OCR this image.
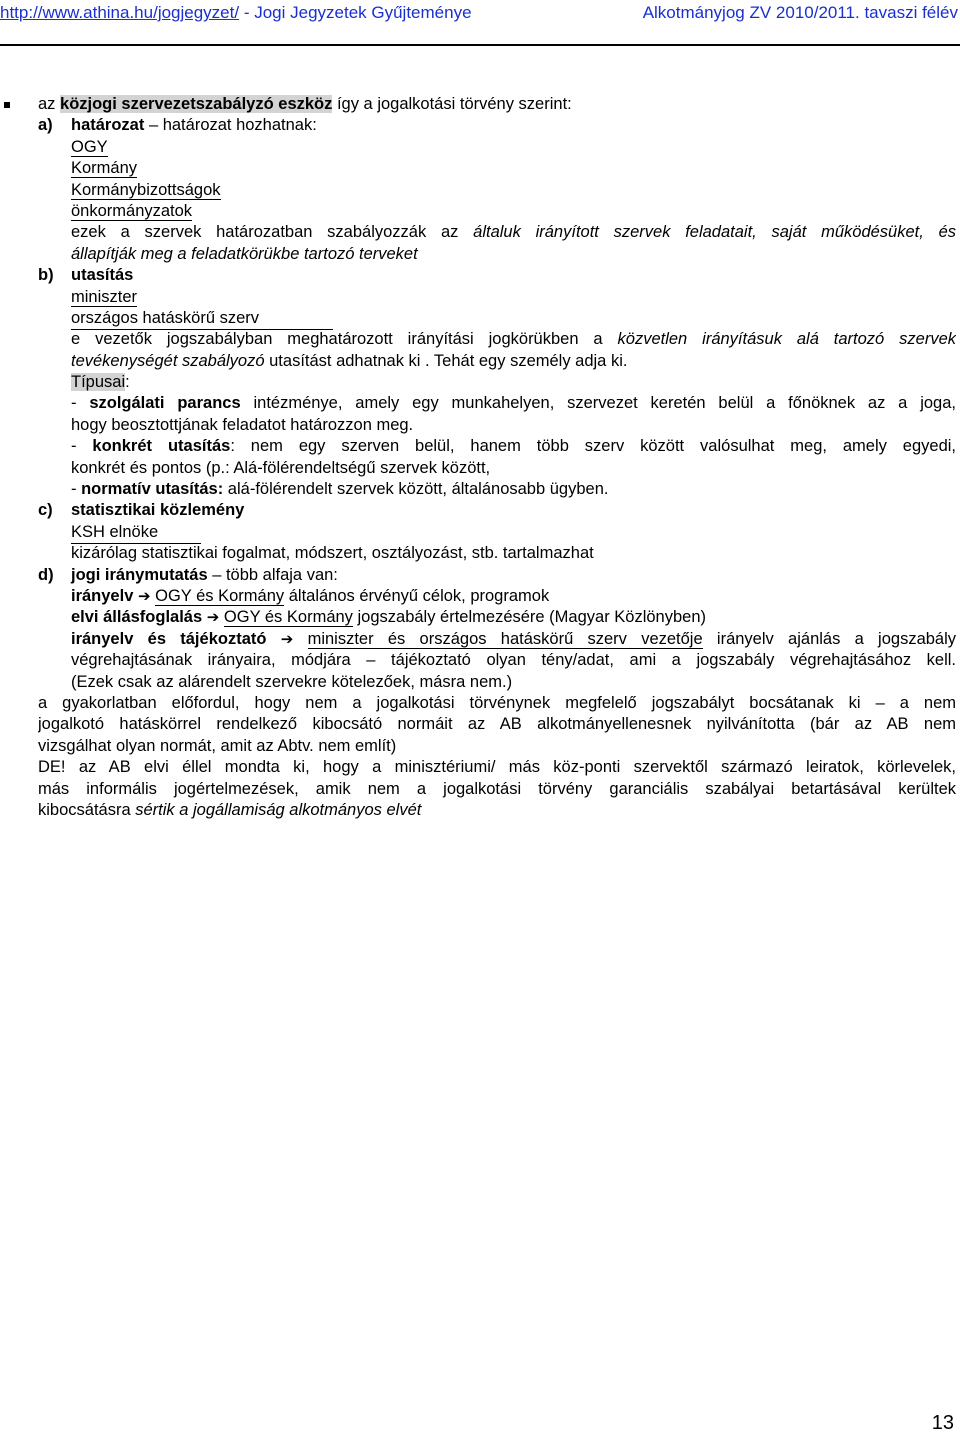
http://www.athina.hu/jogjegyzet/ - Jogi Jegyzetek Gyűjteménye	Alkotmányjog ZV 2010/2011. tavaszi félév
az közjogi szervezetszabályzó eszköz így a jogalkotási törvény szerint:
a) határozat – határozat hozhatnak:
OGY
Kormány
Kormánybizottságok
önkormányzatok
ezek a szervek határozatban szabályozzák az általuk irányított szervek feladatait, saját működésüket, és
állapítják meg a feladatkörükbe tartozó terveket
b) utasítás
miniszter
országos hatáskörű szerv
e vezetők jogszabályban meghatározott irányítási jogkörükben a közvetlen irányításuk alá tartozó szervek
tevékenységét szabályozó utasítást adhatnak ki . Tehát egy személy adja ki.
Típusai:
- szolgálati parancs intézménye, amely egy munkahelyen, szervezet keretén belül a főnöknek az a joga,
hogy beosztottjának feladatot határozzon meg.
- konkrét utasítás: nem egy szerven belül, hanem több szerv között valósulhat meg, amely egyedi,
konkrét és pontos (p.: Alá-fölérendeltségű szervek között,
- normatív utasítás: alá-fölérendelt szervek között, általánosabb ügyben.
c) statisztikai közlemény
KSH elnöke
kizárólag statisztikai fogalmat, módszert, osztályozást, stb. tartalmazhat
d) jogi iránymutatás – több alfaja van:
irányelv ➔ OGY és Kormány általános érvényű célok, programok
elvi állásfoglalás ➔ OGY és Kormány jogszabály értelmezésére (Magyar Közlönyben)
irányelv és tájékoztató ➔ miniszter és országos hatáskörű szerv vezetője irányelv ajánlás a jogszabály
végrehajtásának irányaira, módjára – tájékoztató olyan tény/adat, ami a jogszabály végrehajtásához kell.
(Ezek csak az alárendelt szervekre kötelezőek, másra nem.)
a gyakorlatban előfordul, hogy nem a jogalkotási törvénynek megfelelő jogszabályt bocsátanak ki – a nem
jogalkotó hatáskörrel rendelkező kibocsátó normáit az AB alkotmányellenesnek nyilvánította (bár az AB nem
vizsgálhat olyan normát, amit az Abtv. nem említ)
DE! az AB elvi éllel mondta ki, hogy a minisztériumi/ más köz-ponti szervektől származó leiratok, körlevelek,
más informális jogértelmezések, amik nem a jogalkotási törvény garanciális szabályai betartásával kerültek
kibocsátásra sértik a jogállamiság alkotmányos elvét
13
